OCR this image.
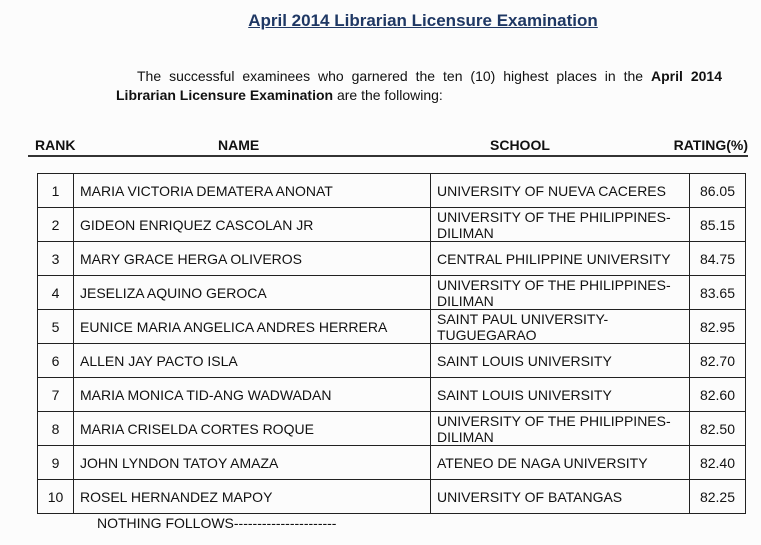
April 2014 Librarian Licensure Examination
The successful examinees who garnered the ten (10) highest places in the April 2014 Librarian Licensure Examination are the following:
RANK	NAME	SCHOOL	RATING(%)
1	MARIA VICTORIA DEMATERA ANONAT	UNIVERSITY OF NUEVA CACERES	86.05
2	GIDEON ENRIQUEZ CASCOLAN JR	UNIVERSITY OF THE PHILIPPINES-DILIMAN	85.15
3	MARY GRACE HERGA OLIVEROS	CENTRAL PHILIPPINE UNIVERSITY	84.75
4	JESELIZA AQUINO GEROCA	UNIVERSITY OF THE PHILIPPINES-DILIMAN	83.65
5	EUNICE MARIA ANGELICA ANDRES HERRERA	SAINT PAUL UNIVERSITY-TUGUEGARAO	82.95
6	ALLEN JAY PACTO ISLA	SAINT LOUIS UNIVERSITY	82.70
7	MARIA MONICA TID-ANG WADWADAN	SAINT LOUIS UNIVERSITY	82.60
8	MARIA CRISELDA CORTES ROQUE	UNIVERSITY OF THE PHILIPPINES-DILIMAN	82.50
9	JOHN LYNDON TATOY AMAZA	ATENEO DE NAGA UNIVERSITY	82.40
10	ROSEL HERNANDEZ MAPOY	UNIVERSITY OF BATANGAS	82.25
NOTHING FOLLOWS----------------------
